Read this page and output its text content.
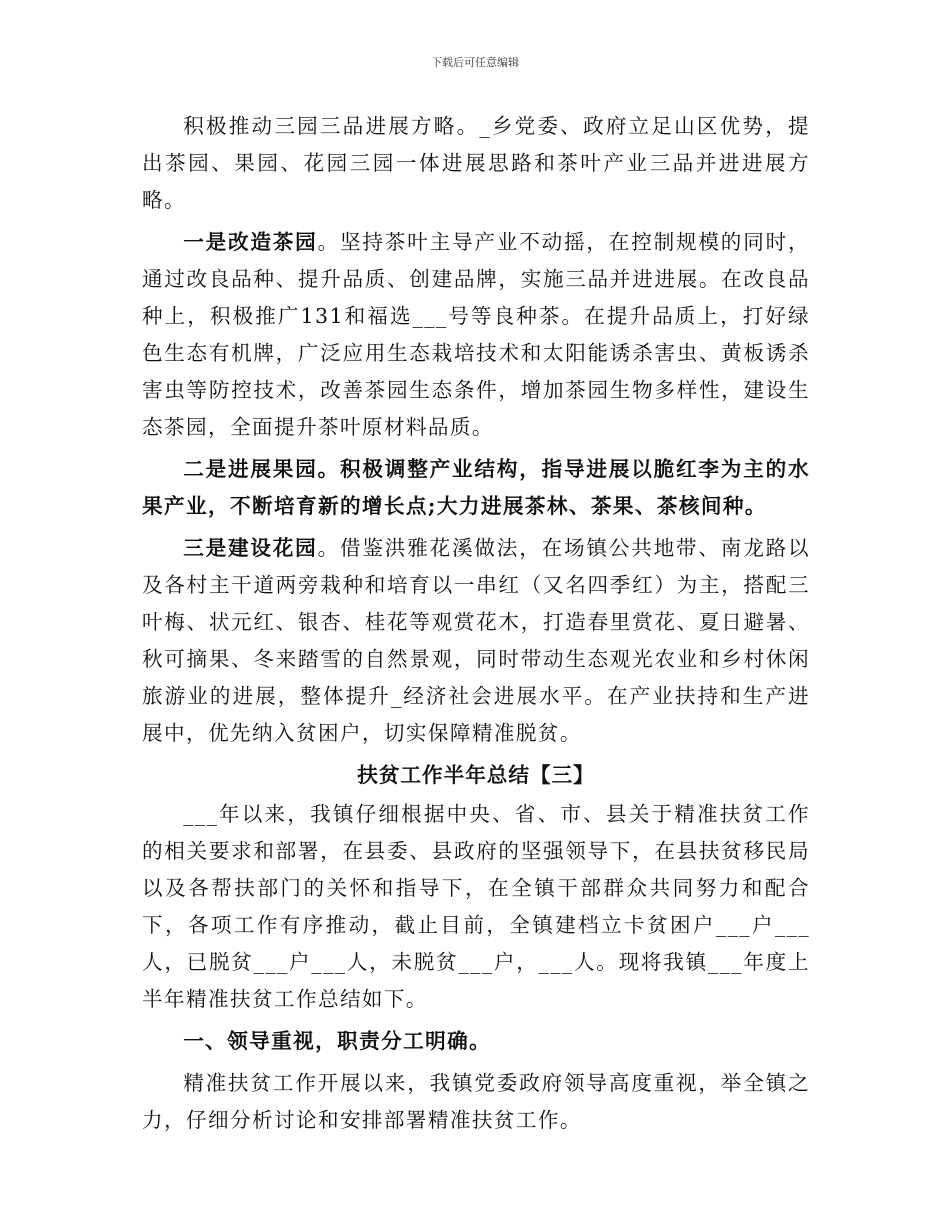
下载后可任意编辑

积极推动三园三品进展方略。_乡党委、政府立足山区优势，提出茶园、果园、花园三园一体进展思路和茶叶产业三品并进进展方略。

一是改造茶园。坚持茶叶主导产业不动摇，在控制规模的同时，通过改良品种、提升品质、创建品牌，实施三品并进进展。在改良品种上，积极推广131和福选___号等良种茶。在提升品质上，打好绿色生态有机牌，广泛应用生态栽培技术和太阳能诱杀害虫、黄板诱杀害虫等防控技术，改善茶园生态条件，增加茶园生物多样性，建设生态茶园，全面提升茶叶原材料品质。

二是进展果园。积极调整产业结构，指导进展以脆红李为主的水果产业，不断培育新的增长点;大力进展茶林、茶果、茶核间种。

三是建设花园。借鉴洪雅花溪做法，在场镇公共地带、南龙路以及各村主干道两旁栽种和培育以一串红（又名四季红）为主，搭配三叶梅、状元红、银杏、桂花等观赏花木，打造春里赏花、夏日避暑、秋可摘果、冬来踏雪的自然景观，同时带动生态观光农业和乡村休闲旅游业的进展，整体提升_经济社会进展水平。在产业扶持和生产进展中，优先纳入贫困户，切实保障精准脱贫。

扶贫工作半年总结【三】

___年以来，我镇仔细根据中央、省、市、县关于精准扶贫工作的相关要求和部署，在县委、县政府的坚强领导下，在县扶贫移民局以及各帮扶部门的关怀和指导下，在全镇干部群众共同努力和配合下，各项工作有序推动，截止目前，全镇建档立卡贫困户___户___人，已脱贫___户___人，未脱贫___户，___人。现将我镇___年度上半年精准扶贫工作总结如下。

一、领导重视，职责分工明确。

精准扶贫工作开展以来，我镇党委政府领导高度重视，举全镇之力，仔细分析讨论和安排部署精准扶贫工作。
